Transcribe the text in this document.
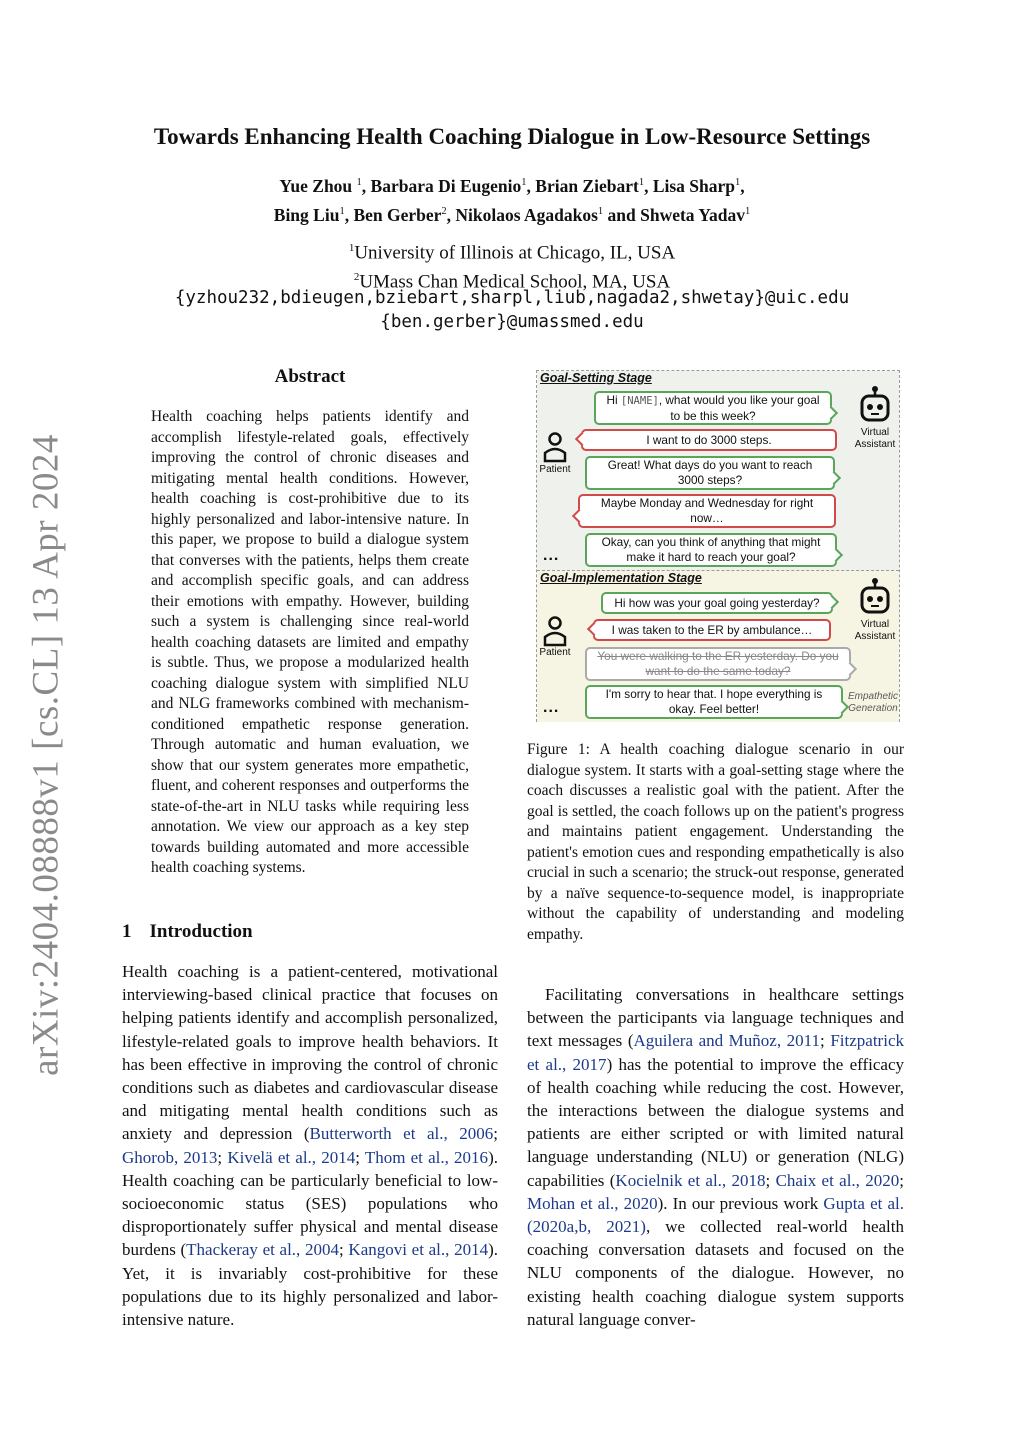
arXiv:2404.08888v1 [cs.CL] 13 Apr 2024
Towards Enhancing Health Coaching Dialogue in Low-Resource Settings
Yue Zhou $^1$, Barbara Di Eugenio$^1$, Brian Ziebart$^1$, Lisa Sharp$^1$,
Bing Liu$^1$, Ben Gerber$^2$, Nikolaos Agadakos$^1$ and Shweta Yadav$^1$
$^1$University of Illinois at Chicago, IL, USA
$^2$UMass Chan Medical School, MA, USA
{yzhou232,bdieugen,bziebart,sharpl,liub,nagada2,shwetay}@uic.edu
{ben.gerber}@umassmed.edu
Abstract
Health coaching helps patients identify and accomplish lifestyle-related goals, effectively improving the control of chronic diseases and mitigating mental health conditions. However, health coaching is cost-prohibitive due to its highly personalized and labor-intensive nature. In this paper, we propose to build a dialogue system that converses with the patients, helps them create and accomplish specific goals, and can address their emotions with empathy. However, building such a system is challenging since real-world health coaching datasets are limited and empathy is subtle. Thus, we propose a modularized health coaching dialogue system with simplified NLU and NLG frameworks combined with mechanism-conditioned empathetic response generation. Through automatic and human evaluation, we show that our system generates more empathetic, fluent, and coherent responses and outperforms the state-of-the-art in NLU tasks while requiring less annotation. We view our approach as a key step towards building automated and more accessible health coaching systems.
1 Introduction
Health coaching is a patient-centered, motivational interviewing-based clinical practice that focuses on helping patients identify and accomplish personalized, lifestyle-related goals to improve health behaviors. It has been effective in improving the control of chronic conditions such as diabetes and cardiovascular disease and mitigating mental health conditions such as anxiety and depression (Butterworth et al., 2006; Ghorob, 2013; Kivelä et al., 2014; Thom et al., 2016). Health coaching can be particularly beneficial to low-socioeconomic status (SES) populations who disproportionately suffer physical and mental disease burdens (Thackeray et al., 2004; Kangovi et al., 2014). Yet, it is invariably cost-prohibitive for these populations due to its highly personalized and labor-intensive nature.
Goal-Setting Stage
Hi [NAME], what would you like your goal to be this week?
I want to do 3000 steps.
Great! What days do you want to reach 3000 steps?
Maybe Monday and Wednesday for right now…
Okay, can you think of anything that might make it hard to reach your goal?
Patient
Virtual
Assistant
...
Goal-Implementation Stage
Hi how was your goal going yesterday?
I was taken to the ER by ambulance…
You were walking to the ER yesterday. Do you want to do the same today?
I'm sorry to hear that. I hope everything is okay. Feel better!
Patient
Virtual
Assistant
Empathetic
Generation
...
Figure 1: A health coaching dialogue scenario in our dialogue system. It starts with a goal-setting stage where the coach discusses a realistic goal with the patient. After the goal is settled, the coach follows up on the patient's progress and maintains patient engagement. Understanding the patient's emotion cues and responding empathetically is also crucial in such a scenario; the struck-out response, generated by a naïve sequence-to-sequence model, is inappropriate without the capability of understanding and modeling empathy.
Facilitating conversations in healthcare settings between the participants via language techniques and text messages (Aguilera and Muñoz, 2011; Fitzpatrick et al., 2017) has the potential to improve the efficacy of health coaching while reducing the cost. However, the interactions between the dialogue systems and patients are either scripted or with limited natural language understanding (NLU) or generation (NLG) capabilities (Kocielnik et al., 2018; Chaix et al., 2020; Mohan et al., 2020). In our previous work Gupta et al. (2020a,b, 2021), we collected real-world health coaching conversation datasets and focused on the NLU components of the dialogue. However, no existing health coaching dialogue system supports natural language conver-
